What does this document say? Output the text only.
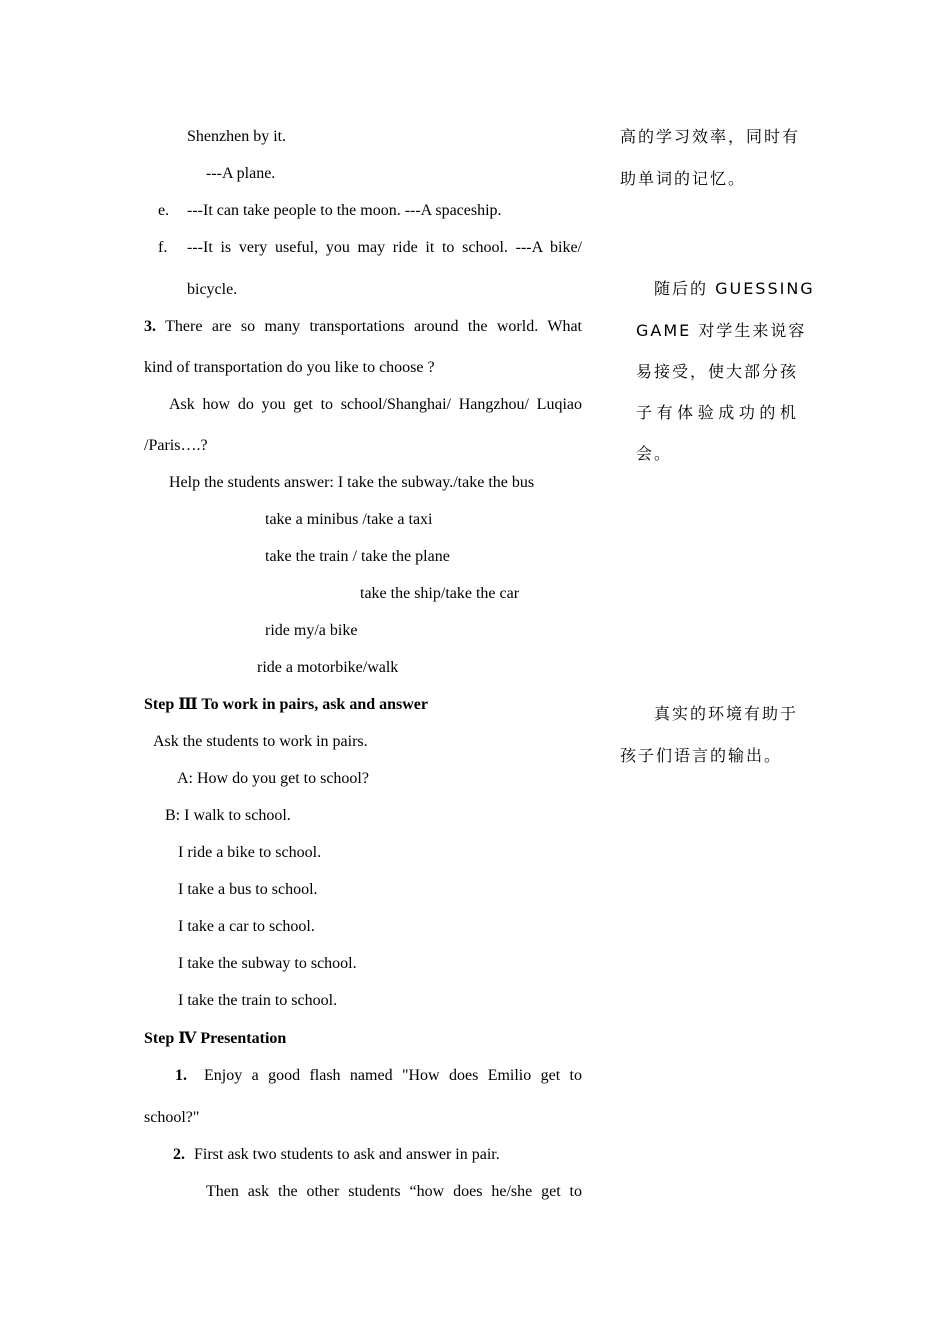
Shenzhen by it.
---A plane.
e. ---It can take people to the moon. ---A spaceship.
f. ---It is very useful, you may ride it to school. ---A bike/
bicycle.
3. There are so many transportations around the world. What
kind of transportation do you like to choose ?
Ask how do you get to school/Shanghai/ Hangzhou/ Luqiao
/Paris….?
Help the students answer: I take the subway./take the bus
take a minibus /take a taxi
take the train / take the plane
take the ship/take the car
ride my/a bike
ride a motorbike/walk
Step Ⅲ To work in pairs, ask and answer
Ask the students to work in pairs.
A: How do you get to school?
B: I walk to school.
I ride a bike to school.
I take a bus to school.
I take a car to school.
I take the subway to school.
I take the train to school.
Step Ⅳ Presentation
1. Enjoy a good flash named "How does Emilio get to
school?"
2. First ask two students to ask and answer in pair.
Then ask the other students “how does he/she get to
高的学习效率，同时有
助单词的记忆。
随后的 GUESSING
GAME 对学生来说容
易接受，使大部分孩
子有体验成功的机
会。
真实的环境有助于
孩子们语言的输出。
